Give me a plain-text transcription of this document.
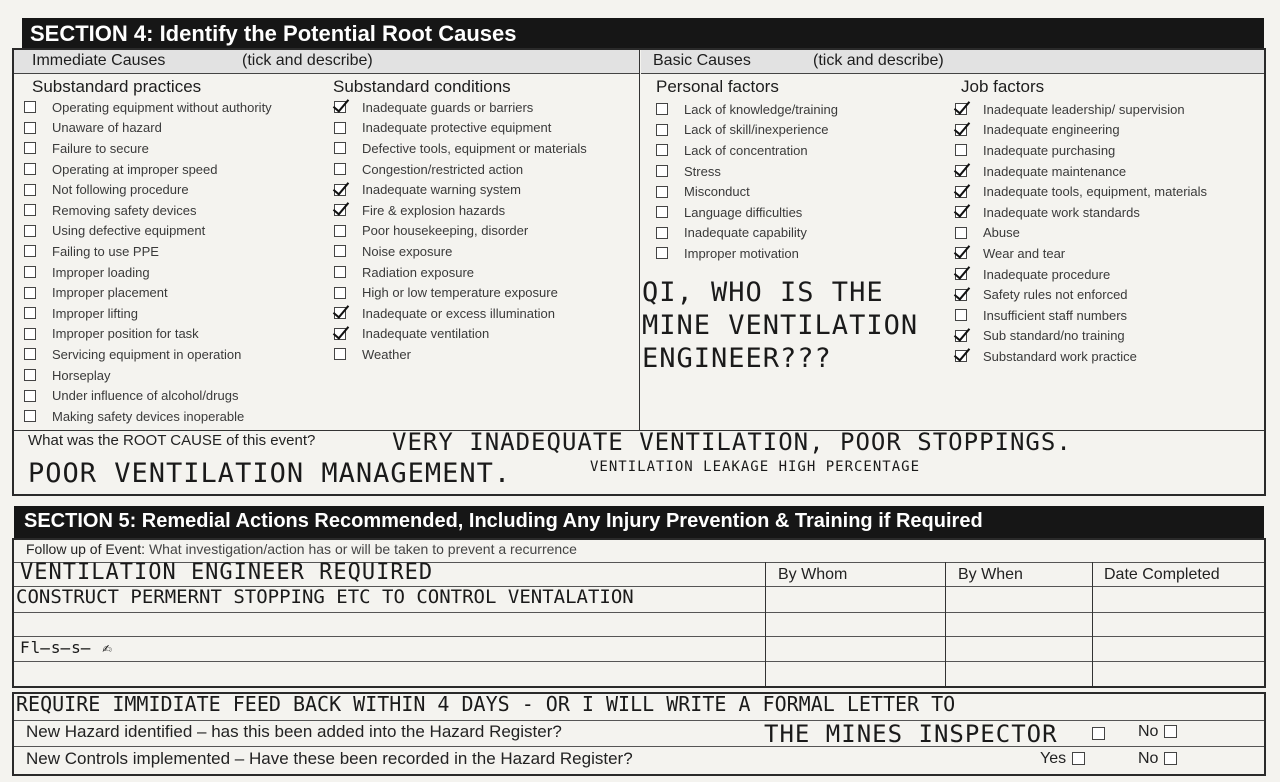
SECTION 4: Identify the Potential Root Causes
Immediate Causes	(tick and describe)	Basic Causes	(tick and describe)
Substandard practices
Operating equipment without authority
Unaware of hazard
Failure to secure
Operating at improper speed
Not following procedure
Removing safety devices
Using defective equipment
Failing to use PPE
Improper loading
Improper placement
Improper lifting
Improper position for task
Servicing equipment in operation
Horseplay
Under influence of alcohol/drugs
Making safety devices inoperable
Substandard conditions
Inadequate guards or barriers
Inadequate protective equipment
Defective tools, equipment or materials
Congestion/restricted action
Inadequate warning system
Fire & explosion hazards
Poor housekeeping, disorder
Noise exposure
Radiation exposure
High or low temperature exposure
Inadequate or excess illumination
Inadequate ventilation
Weather
Personal factors
Lack of knowledge/training
Lack of skill/inexperience
Lack of concentration
Stress
Misconduct
Language difficulties
Inadequate capability
Improper motivation
Job factors
Inadequate leadership/ supervision
Inadequate engineering
Inadequate purchasing
Inadequate maintenance
Inadequate tools, equipment, materials
Inadequate work standards
Abuse
Wear and tear
Inadequate procedure
Safety rules not enforced
Insufficient staff numbers
Sub standard/no training
Substandard work practice
QI, WHO IS THE
MINE VENTILATION
ENGINEER???
What was the ROOT CAUSE of this event?	VERY INADEQUATE VENTILATION, POOR STOPPINGS.
POOR VENTILATION MANAGEMENT.	VENTILATION LEAKAGE HIGH PERCENTAGE
SECTION 5: Remedial Actions Recommended, Including Any Injury Prevention & Training if Required
Follow up of Event: What investigation/action has or will be taken to prevent a recurrence
By Whom	By When	Date Completed
VENTILATION ENGINEER REQUIRED
CONSTRUCT PERMERNT STOPPING ETC TO CONTROL VENTALATION
Fl̶s̶s̶ ✍
REQUIRE IMMIDIATE FEED BACK WITHIN 4 DAYS - OR I WILL WRITE A FORMAL LETTER TO
New Hazard identified – has this been added into the Hazard Register?	THE MINES INSPECTOR	No
New Controls implemented – Have these been recorded in the Hazard Register?	Yes	No
